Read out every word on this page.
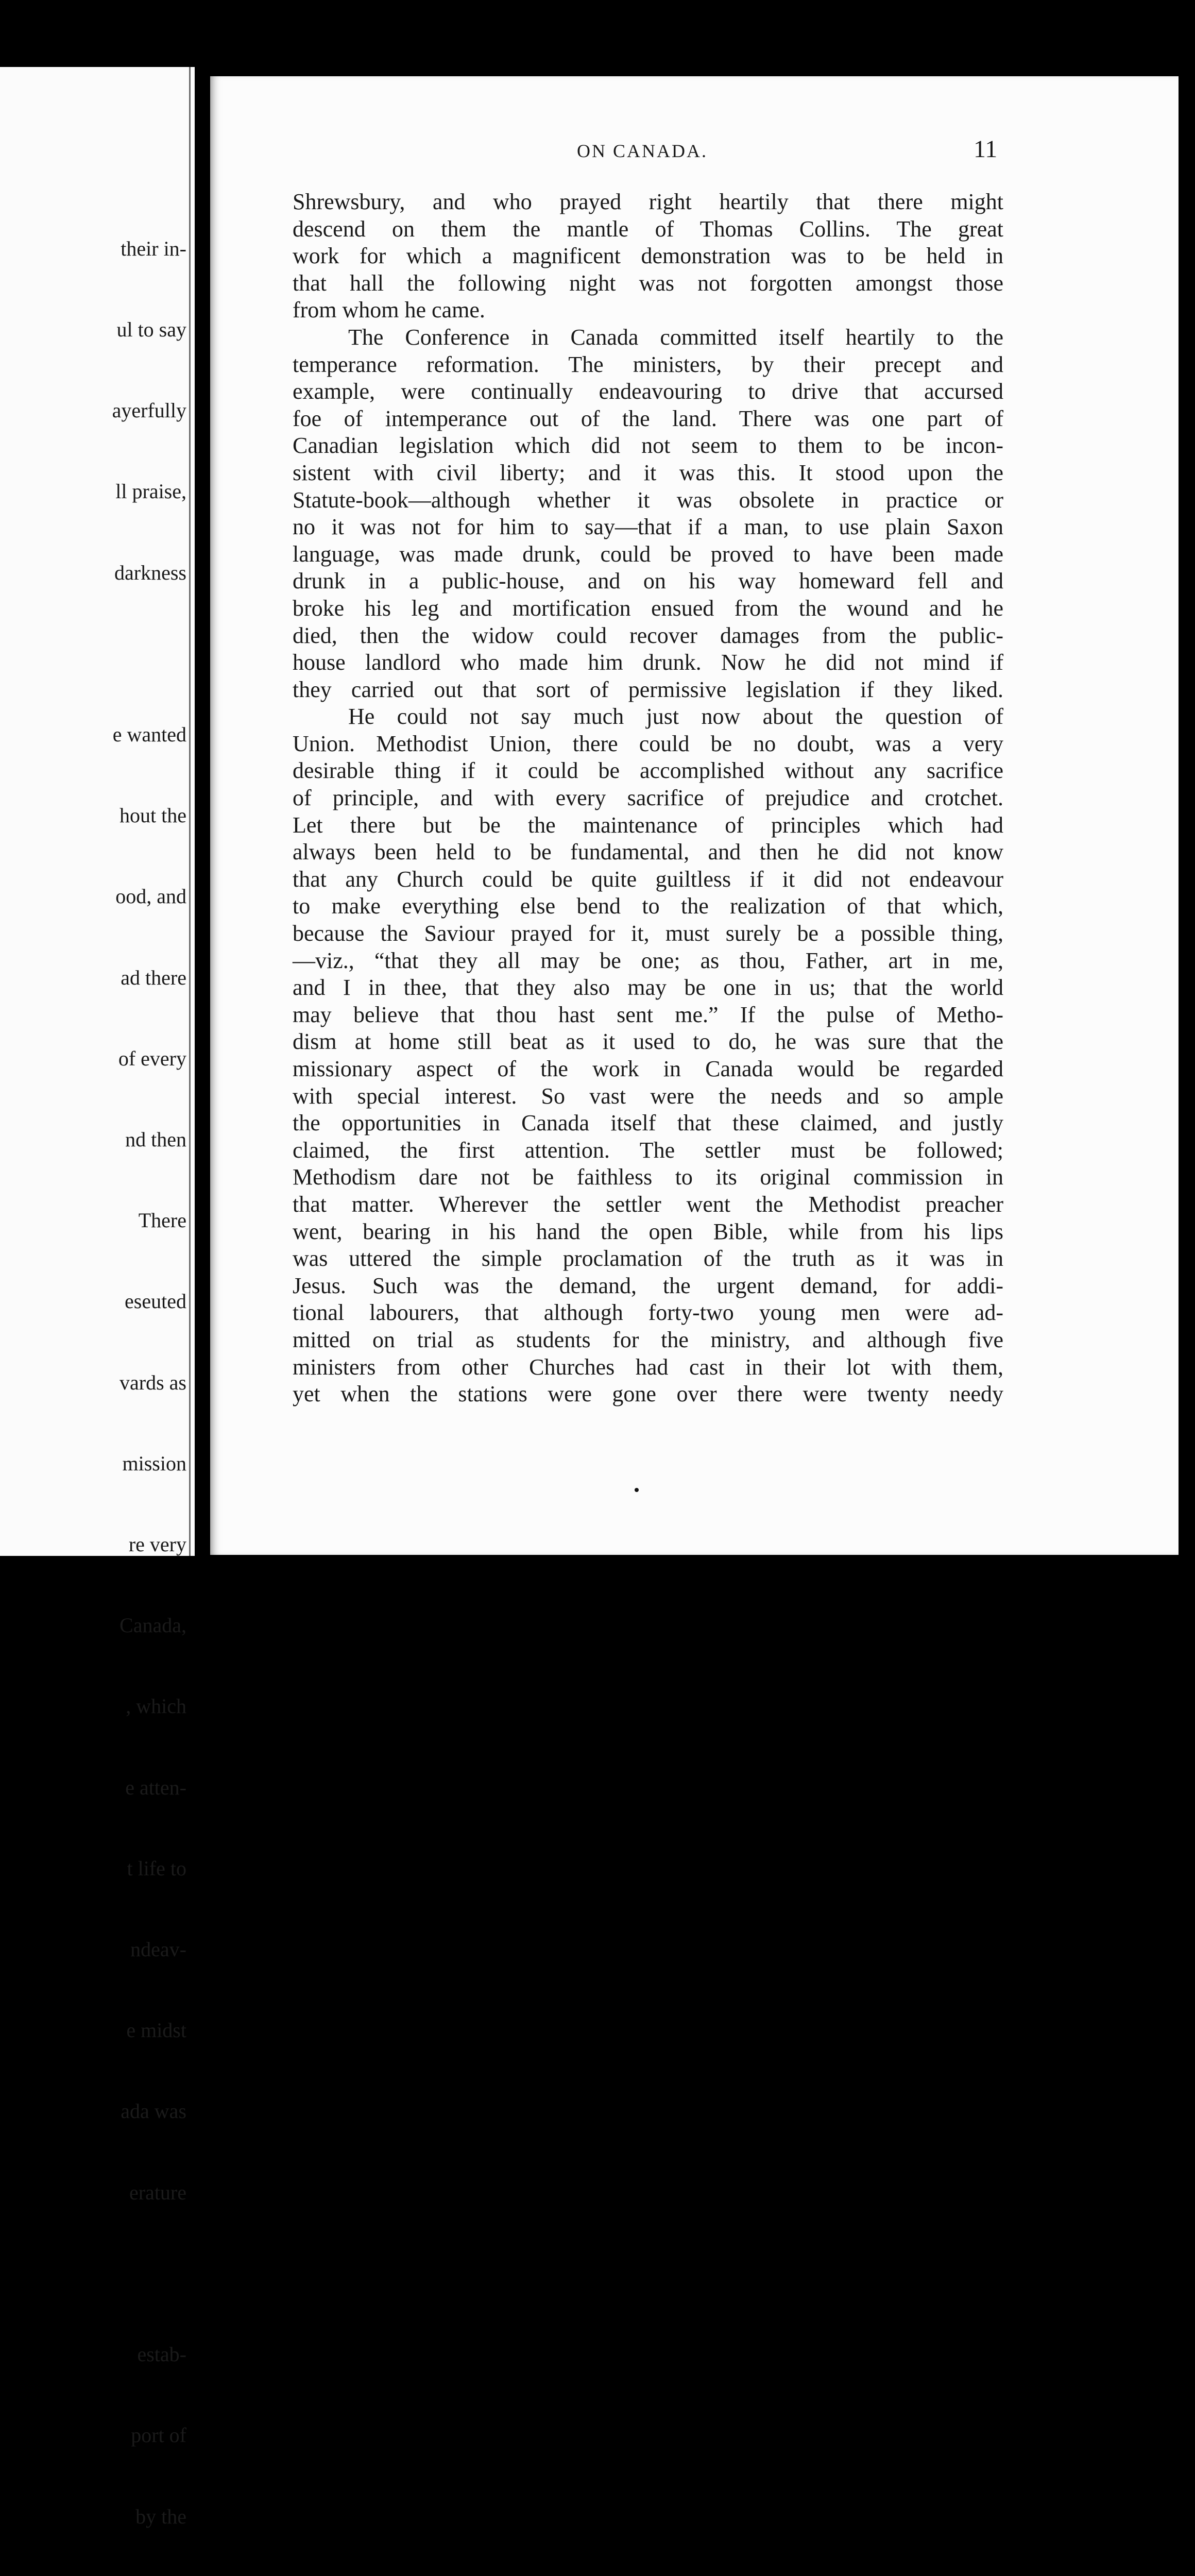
their in-

ul to say

ayerfully

ll praise,

darkness

e wanted

hout the

ood, and

ad there

of every

nd then

There

eseuted

vards as

mission

re very

Canada,

, which

e atten-

t life to

ndeav-

e midst

ada was

erature

estab-

port of

by the

ON CANADA.	11
Shrewsbury, and who prayed right heartily that there might
descend on them the mantle of Thomas Collins. The great
work for which a magnificent demonstration was to be held in
that hall the following night was not forgotten amongst those
from whom he came.
The Conference in Canada committed itself heartily to the
temperance reformation. The ministers, by their precept and
example, were continually endeavouring to drive that accursed
foe of intemperance out of the land. There was one part of
Canadian legislation which did not seem to them to be incon-
sistent with civil liberty; and it was this. It stood upon the
Statute-book—although whether it was obsolete in practice or
no it was not for him to say—that if a man, to use plain Saxon
language, was made drunk, could be proved to have been made
drunk in a public-house, and on his way homeward fell and
broke his leg and mortification ensued from the wound and he
died, then the widow could recover damages from the public-
house landlord who made him drunk. Now he did not mind if
they carried out that sort of permissive legislation if they liked.
He could not say much just now about the question of
Union. Methodist Union, there could be no doubt, was a very
desirable thing if it could be accomplished without any sacrifice
of principle, and with every sacrifice of prejudice and crotchet.
Let there but be the maintenance of principles which had
always been held to be fundamental, and then he did not know
that any Church could be quite guiltless if it did not endeavour
to make everything else bend to the realization of that which,
because the Saviour prayed for it, must surely be a possible thing,
—viz., “that they all may be one; as thou, Father, art in me,
and I in thee, that they also may be one in us; that the world
may believe that thou hast sent me.” If the pulse of Metho-
dism at home still beat as it used to do, he was sure that the
missionary aspect of the work in Canada would be regarded
with special interest. So vast were the needs and so ample
the opportunities in Canada itself that these claimed, and justly
claimed, the first attention. The settler must be followed;
Methodism dare not be faithless to its original commission in
that matter. Wherever the settler went the Methodist preacher
went, bearing in his hand the open Bible, while from his lips
was uttered the simple proclamation of the truth as it was in
Jesus. Such was the demand, the urgent demand, for addi-
tional labourers, that although forty-two young men were ad-
mitted on trial as students for the ministry, and although five
ministers from other Churches had cast in their lot with them,
yet when the stations were gone over there were twenty needy
